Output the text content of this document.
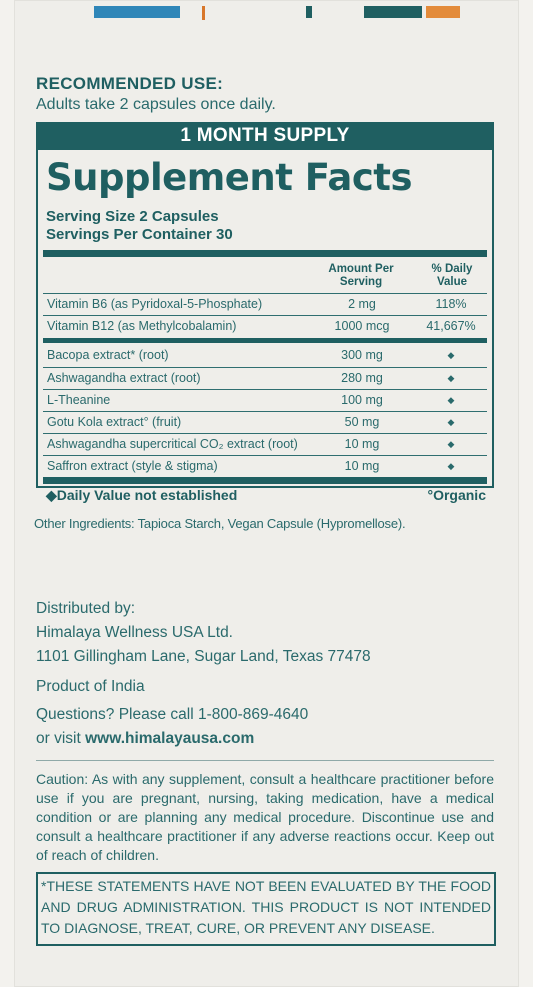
RECOMMENDED USE:
Adults take 2 capsules once daily.
1 MONTH SUPPLY
Supplement Facts
Serving Size 2 Capsules
Servings Per Container 30
Amount Per Serving
% Daily Value
Vitamin B6 (as Pyridoxal-5-Phosphate)	2 mg	118%
Vitamin B12 (as Methylcobalamin)	1000 mcg	41,667%
Bacopa extract* (root)	300 mg	◆
Ashwagandha extract (root)	280 mg	◆
L-Theanine	100 mg	◆
Gotu Kola extract° (fruit)	50 mg	◆
Ashwagandha supercritical CO₂ extract (root)	10 mg	◆
Saffron extract (style & stigma)	10 mg	◆
◆Daily Value not established	°Organic
Other Ingredients: Tapioca Starch, Vegan Capsule (Hypromellose).
Distributed by:
Himalaya Wellness USA Ltd.
1101 Gillingham Lane, Sugar Land, Texas 77478
Product of India
Questions? Please call 1-800-869-4640
or visit www.himalayausa.com
Caution: As with any supplement, consult a healthcare practitioner before use if you are pregnant, nursing, taking medication, have a medical condition or are planning any medical procedure. Discontinue use and consult a healthcare practitioner if any adverse reactions occur. Keep out of reach of children.
*THESE STATEMENTS HAVE NOT BEEN EVALUATED BY THE FOOD AND DRUG ADMINISTRATION. THIS PRODUCT IS NOT INTENDED TO DIAGNOSE, TREAT, CURE, OR PREVENT ANY DISEASE.
